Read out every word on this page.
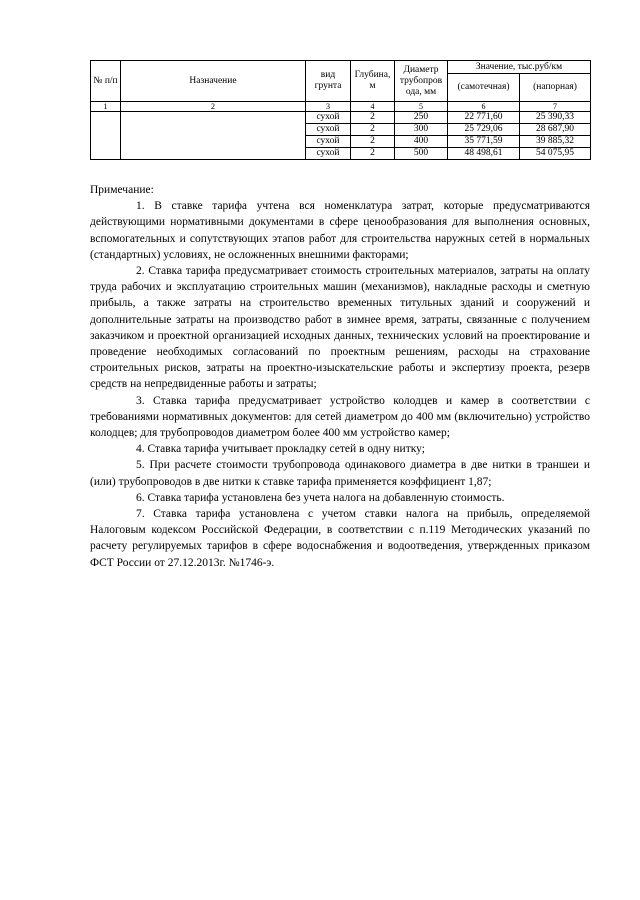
№ п/п	Назначение	вид грунта	Глубина, м	Диаметр трубопров ода, мм	Значение, тыс.руб/км	
					(самотечная)	(напорная)
1	2	3	4	5	6	7
		сухой	2	250	22 771,60	25 390,33
		сухой	2	300	25 729,06	28 687,90
		сухой	2	400	35 771,59	39 885,32
		сухой	2	500	48 498,61	54 075,95

Примечание:

1. В ставке тарифа учтена вся номенклатура затрат, которые предусматриваются действующими нормативными документами в сфере ценообразования для выполнения основных, вспомогательных и сопутствующих этапов работ для строительства наружных сетей в нормальных (стандартных) условиях, не осложненных внешними факторами;

2. Ставка тарифа предусматривает стоимость строительных материалов, затраты на оплату труда рабочих и эксплуатацию строительных машин (механизмов), накладные расходы и сметную прибыль, а также затраты на строительство временных титульных зданий и сооружений и дополнительные затраты на производство работ в зимнее время, затраты, связанные с получением заказчиком и проектной организацией исходных данных, технических условий на проектирование и проведение необходимых согласований по проектным решениям, расходы на страхование строительных рисков, затраты на проектно-изыскательские работы и экспертизу проекта, резерв средств на непредвиденные работы и затраты;

3. Ставка тарифа предусматривает устройство колодцев и камер в соответствии с требованиями нормативных документов: для сетей диаметром до 400 мм (включительно) устройство колодцев; для трубопроводов диаметром более 400 мм устройство камер;

4. Ставка тарифа учитывает прокладку сетей в одну нитку;

5. При расчете стоимости трубопровода одинакового диаметра в две нитки в траншеи и (или) трубопроводов в две нитки к ставке тарифа применяется коэффициент 1,87;

6. Ставка тарифа установлена без учета налога на добавленную стоимость.

7. Ставка тарифа установлена с учетом ставки налога на прибыль, определяемой Налоговым кодексом Российской Федерации, в соответствии с п.119 Методических указаний по расчету регулируемых тарифов в сфере водоснабжения и водоотведения, утвержденных приказом ФСТ России от 27.12.2013г. №1746-э.
